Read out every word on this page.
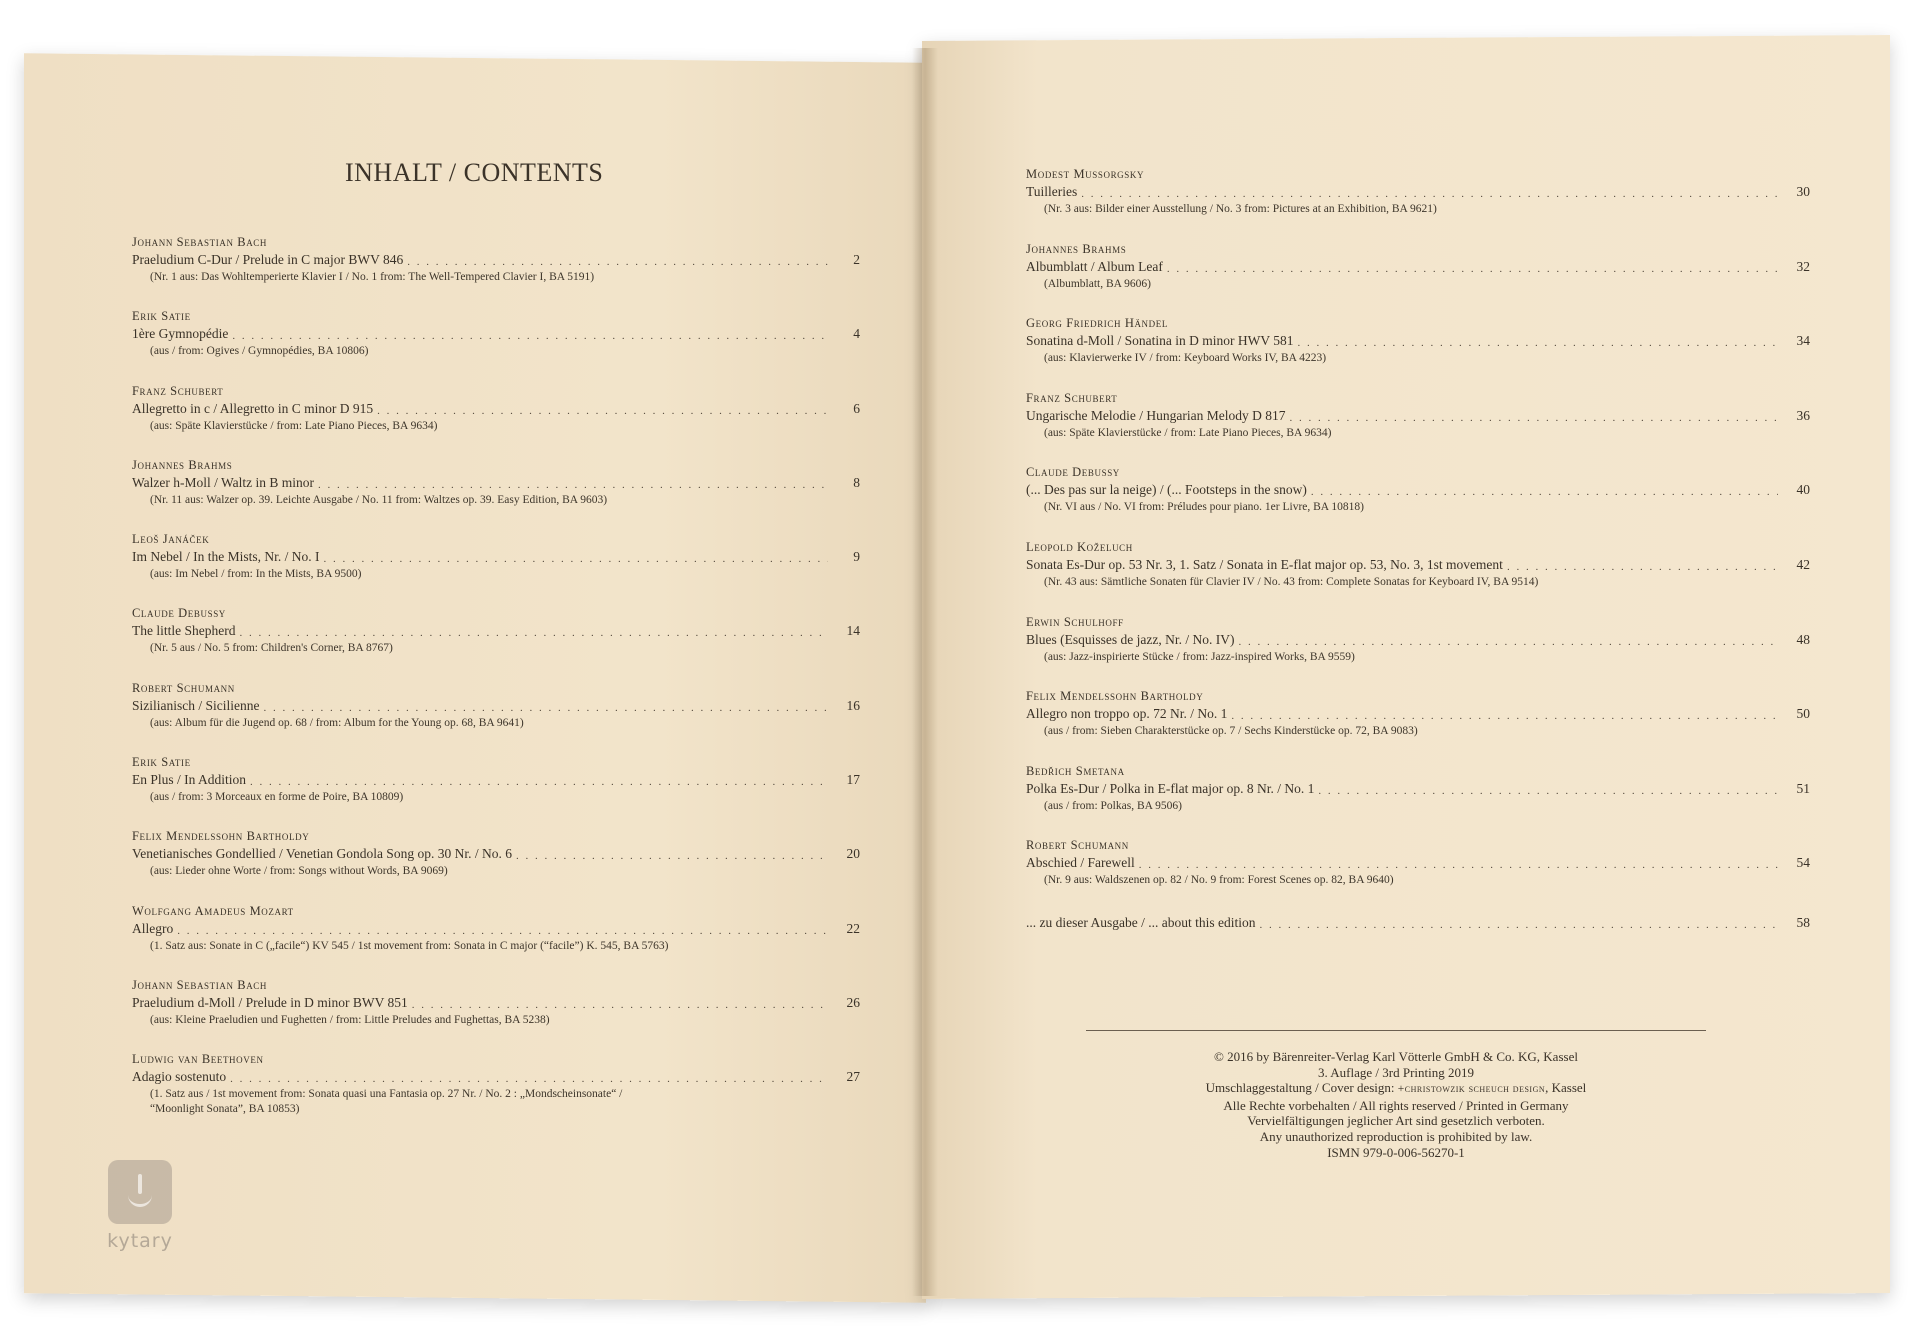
INHALT / CONTENTS
Johann Sebastian Bach
Praeludium C-Dur / Prelude in C major BWV 846 . . .	2
(Nr. 1 aus: Das Wohltemperierte Klavier I / No. 1 from: The Well-Tempered Clavier I, BA 5191)
Erik Satie
1ère Gymnopédie . . .	4
(aus / from: Ogives / Gymnopédies, BA 10806)
Franz Schubert
Allegretto in c / Allegretto in C minor D 915 . . .	6
(aus: Späte Klavierstücke / from: Late Piano Pieces, BA 9634)
Johannes Brahms
Walzer h-Moll / Waltz in B minor . . .	8
(Nr. 11 aus: Walzer op. 39. Leichte Ausgabe / No. 11 from: Waltzes op. 39. Easy Edition, BA 9603)
Leoš Janáček
Im Nebel / In the Mists, Nr. / No. I . . .	9
(aus: Im Nebel / from: In the Mists, BA 9500)
Claude Debussy
The little Shepherd . . .	14
(Nr. 5 aus / No. 5 from: Children's Corner, BA 8767)
Robert Schumann
Sizilianisch / Sicilienne . . .	16
(aus: Album für die Jugend op. 68 / from: Album for the Young op. 68, BA 9641)
Erik Satie
En Plus / In Addition . . .	17
(aus / from: 3 Morceaux en forme de Poire, BA 10809)
Felix Mendelssohn Bartholdy
Venetianisches Gondellied / Venetian Gondola Song op. 30 Nr. / No. 6 . . .	20
(aus: Lieder ohne Worte / from: Songs without Words, BA 9069)
Wolfgang Amadeus Mozart
Allegro . . .	22
(1. Satz aus: Sonate in C („facile“) KV 545 / 1st movement from: Sonata in C major (“facile”) K. 545, BA 5763)
Johann Sebastian Bach
Praeludium d-Moll / Prelude in D minor BWV 851 . . .	26
(aus: Kleine Praeludien und Fughetten / from: Little Preludes and Fughettas, BA 5238)
Ludwig van Beethoven
Adagio sostenuto . . .	27
(1. Satz aus / 1st movement from: Sonata quasi una Fantasia op. 27 Nr. / No. 2 : „Mondscheinsonate“ /
“Moonlight Sonata”, BA 10853)
Modest Mussorgsky
Tuilleries . . .	30
(Nr. 3 aus: Bilder einer Ausstellung / No. 3 from: Pictures at an Exhibition, BA 9621)
Johannes Brahms
Albumblatt / Album Leaf . . .	32
(Albumblatt, BA 9606)
Georg Friedrich Händel
Sonatina d-Moll / Sonatina in D minor HWV 581 . . .	34
(aus: Klavierwerke IV / from: Keyboard Works IV, BA 4223)
Franz Schubert
Ungarische Melodie / Hungarian Melody D 817 . . .	36
(aus: Späte Klavierstücke / from: Late Piano Pieces, BA 9634)
Claude Debussy
(... Des pas sur la neige) / (... Footsteps in the snow) . . .	40
(Nr. VI aus / No. VI from: Préludes pour piano. 1er Livre, BA 10818)
Leopold Koželuch
Sonata Es-Dur op. 53 Nr. 3, 1. Satz / Sonata in E-flat major op. 53, No. 3, 1st movement . . .	42
(Nr. 43 aus: Sämtliche Sonaten für Clavier IV / No. 43 from: Complete Sonatas for Keyboard IV, BA 9514)
Erwin Schulhoff
Blues (Esquisses de jazz, Nr. / No. IV) . . .	48
(aus: Jazz-inspirierte Stücke / from: Jazz-inspired Works, BA 9559)
Felix Mendelssohn Bartholdy
Allegro non troppo op. 72 Nr. / No. 1 . . .	50
(aus / from: Sieben Charakterstücke op. 7 / Sechs Kinderstücke op. 72, BA 9083)
Bedřich Smetana
Polka Es-Dur / Polka in E-flat major op. 8 Nr. / No. 1 . . .	51
(aus / from: Polkas, BA 9506)
Robert Schumann
Abschied / Farewell . . .	54
(Nr. 9 aus: Waldszenen op. 82 / No. 9 from: Forest Scenes op. 82, BA 9640)
... zu dieser Ausgabe / ... about this edition . . .	58
© 2016 by Bärenreiter-Verlag Karl Vötterle GmbH & Co. KG, Kassel
3. Auflage / 3rd Printing 2019
Umschlaggestaltung / Cover design: +christowzik scheuch design, Kassel
Alle Rechte vorbehalten / All rights reserved / Printed in Germany
Vervielfältigungen jeglicher Art sind gesetzlich verboten.
Any unauthorized reproduction is prohibited by law.
ISMN 979-0-006-56270-1
kytary
